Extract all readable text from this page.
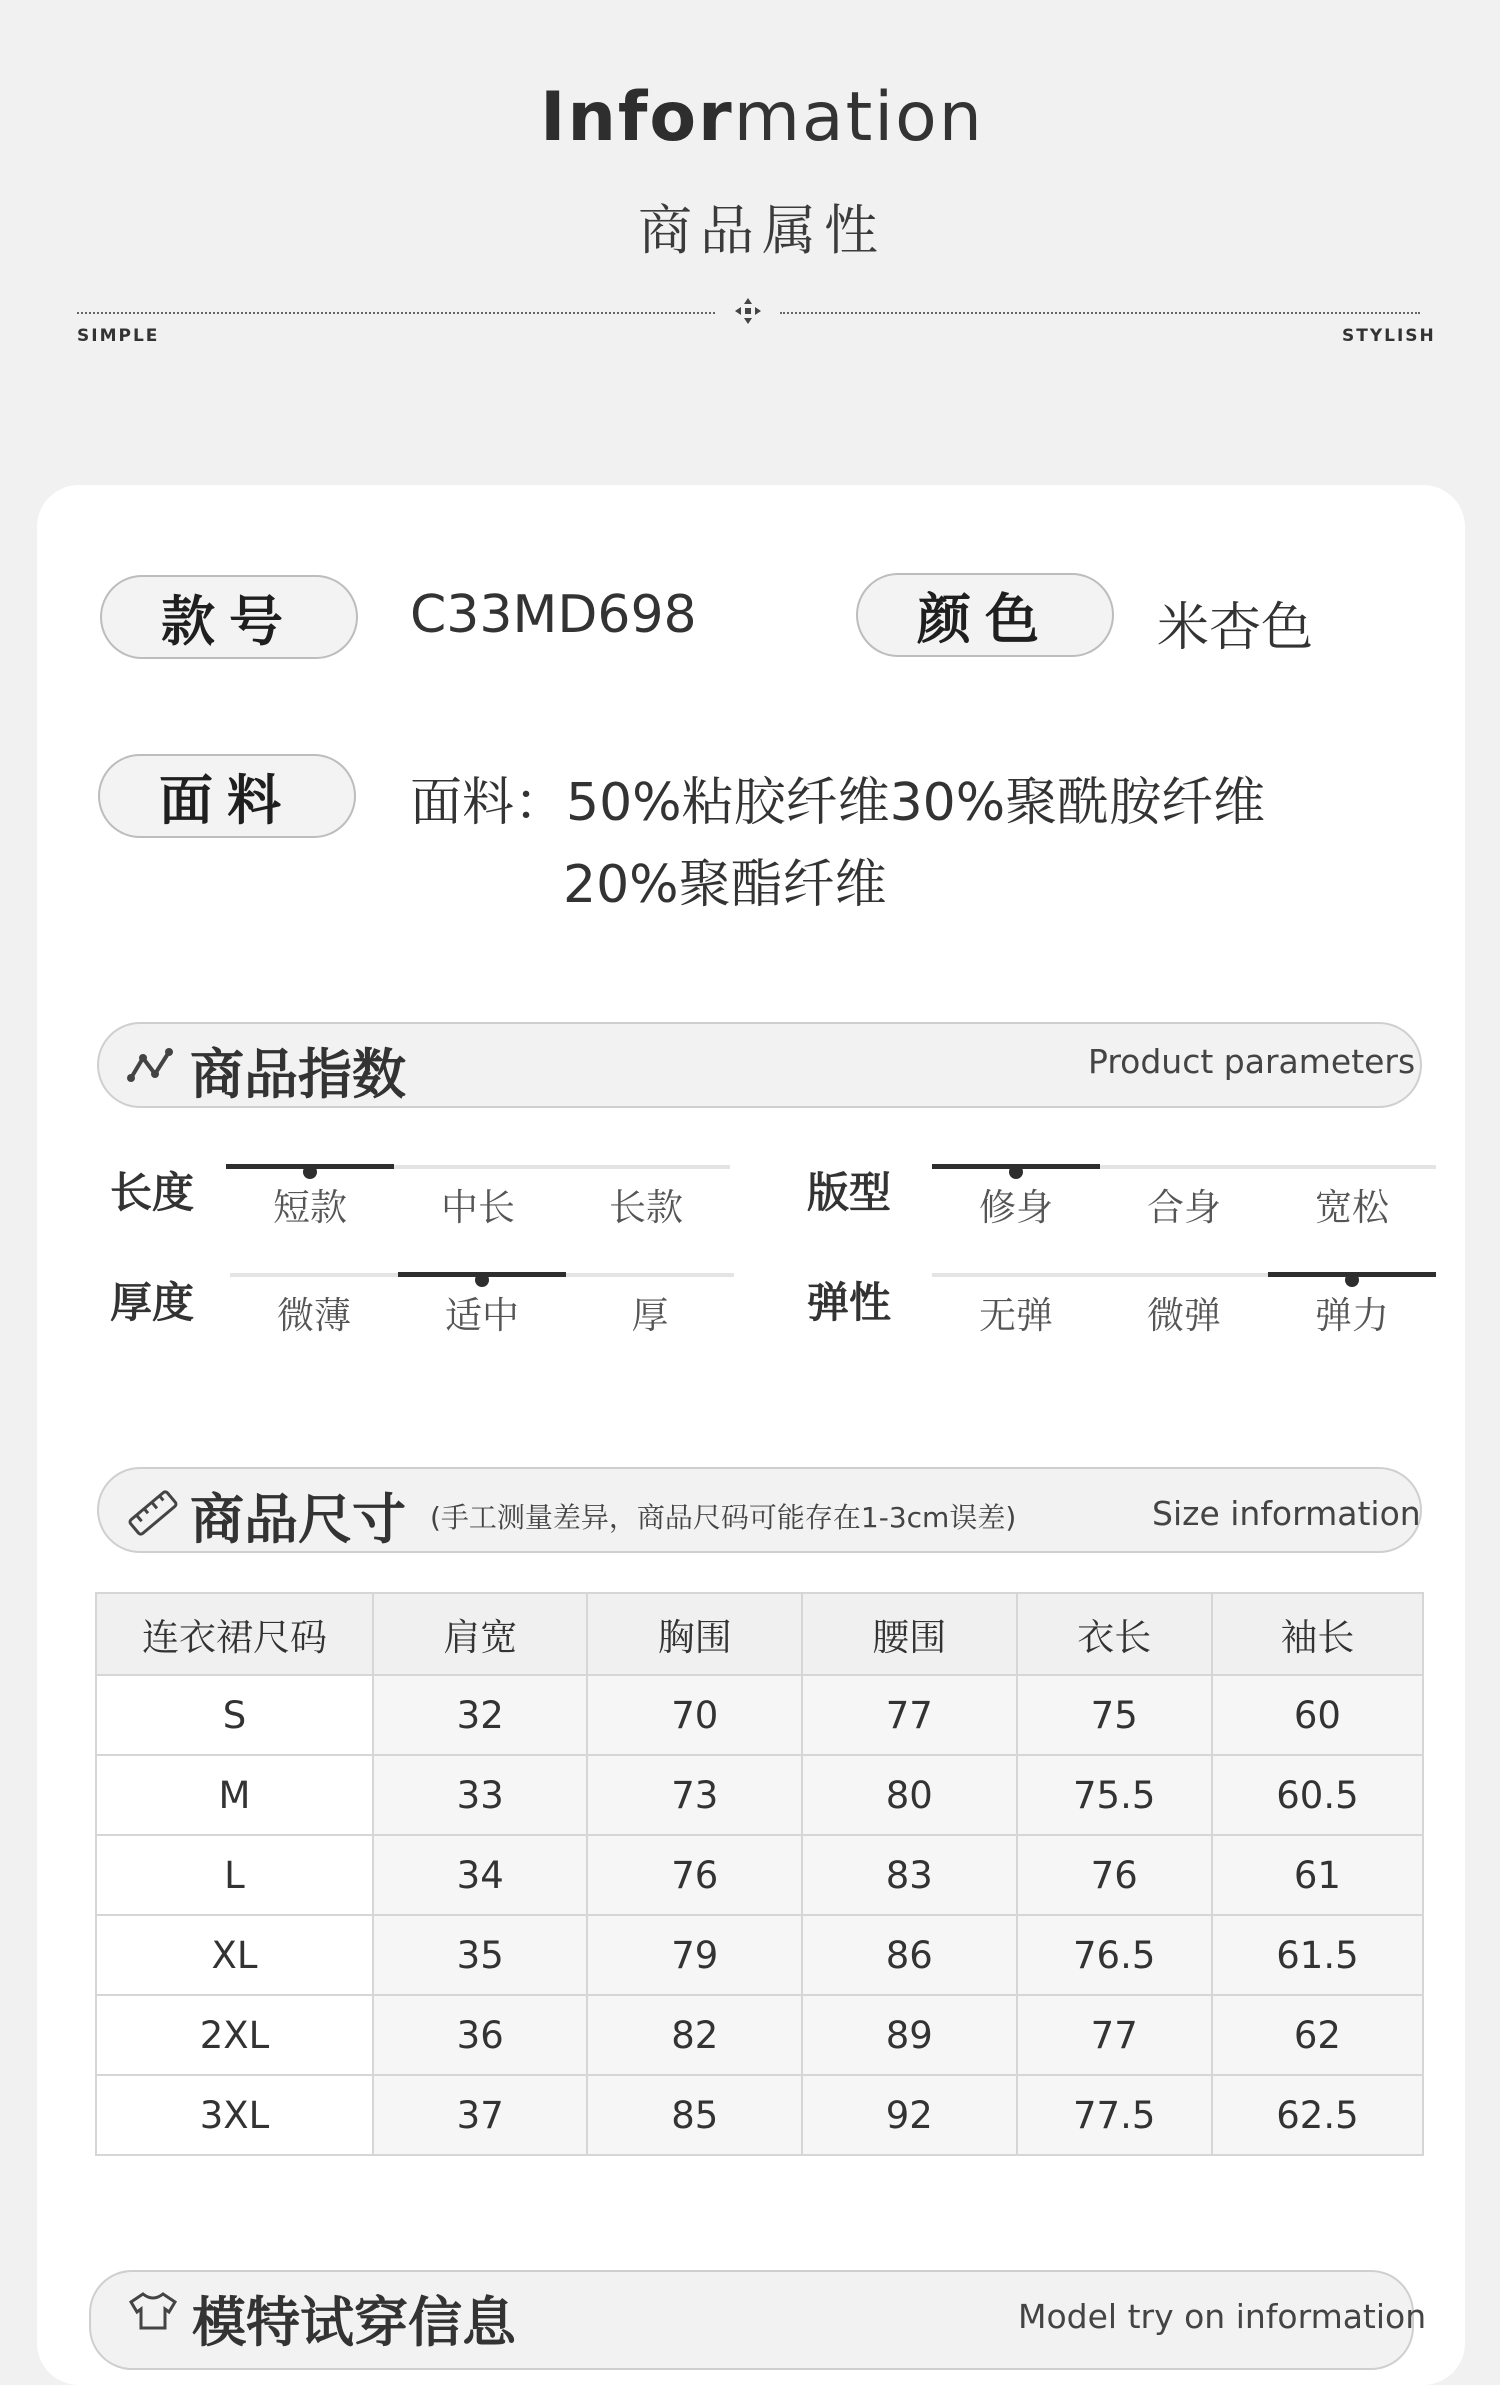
Information
商品属性
SIMPLE	STYLISH
款号 C33MD698	颜色 米杏色
面料 面料：50%粘胶纤维30%聚酰胺纤维
20%聚酯纤维
商品指数	Product parameters
长度	短款	中长	长款	版型	修身	合身	宽松
厚度	微薄	适中	厚	弹性	无弹	微弹	弹力
商品尺寸 (手工测量差异，商品尺码可能存在1-3cm误差)	Size information
连衣裙尺码	肩宽	胸围	腰围	衣长	袖长
S	32	70	77	75	60
M	33	73	80	75.5	60.5
L	34	76	83	76	61
XL	35	79	86	76.5	61.5
2XL	36	82	89	77	62
3XL	37	85	92	77.5	62.5
模特试穿信息	Model try on information
